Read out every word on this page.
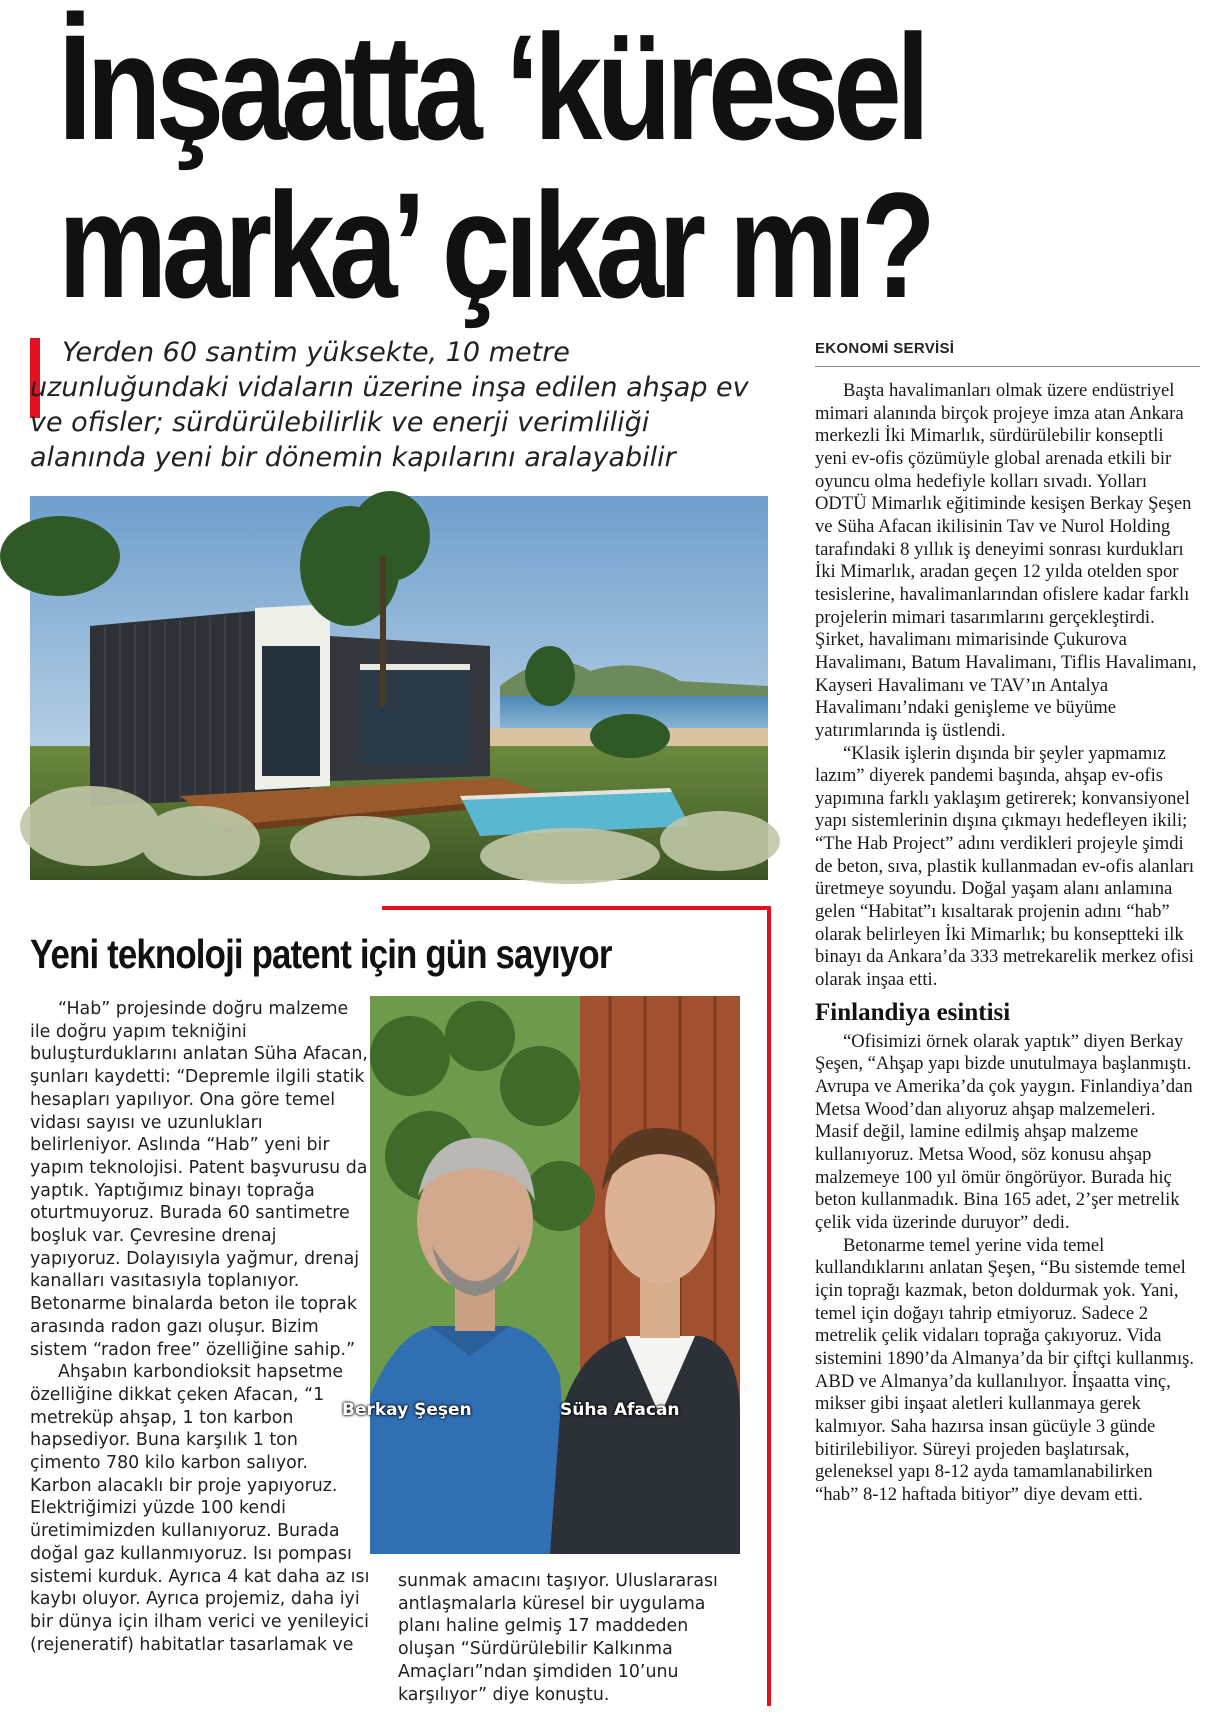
İnşaatta ‘küresel
marka’ çıkar mı?
Yerden 60 santim yüksekte, 10 metre uzunluğundaki vidaların üzerine inşa edilen ahşap ev ve ofisler; sürdürülebilirlik ve enerji verimliliği alanında yeni bir dönemin kapılarını aralayabilir
Yeni teknoloji patent için gün sayıyor

“Hab” projesinde doğru malzeme ile doğru yapım tekniğini buluşturduklarını anlatan Süha Afacan, şunları kaydetti: “Depremle ilgili statik hesapları yapılıyor. Ona göre temel vidası sayısı ve uzunlukları belirleniyor. Aslında “Hab” yeni bir yapım teknolojisi. Patent başvurusu da yaptık. Yaptığımız binayı toprağa oturtmuyoruz. Burada 60 santimetre boşluk var. Çevresine drenaj yapıyoruz. Dolayısıyla yağmur, drenaj kanalları vasıtasıyla toplanıyor. Betonarme binalarda beton ile toprak arasında radon gazı oluşur. Bizim sistem “radon free” özelliğine sahip.”

Ahşabın karbondioksit hapsetme özelliğine dikkat çeken Afacan, “1 metreküp ahşap, 1 ton karbon hapsediyor. Buna karşılık 1 ton çimento 780 kilo karbon salıyor. Karbon alacaklı bir proje yapıyoruz. Elektriğimizi yüzde 100 kendi üretimimizden kullanıyoruz. Burada doğal gaz kullanmıyoruz. Isı pompası sistemi kurduk. Ayrıca 4 kat daha az ısı kaybı oluyor. Ayrıca projemiz, daha iyi bir dünya için ilham verici ve yenileyici (rejeneratif) habitatlar tasarlamak ve

Berkay Şeşen	Süha Afacan
sunmak amacını taşıyor. Uluslararası antlaşmalarla küresel bir uygulama planı haline gelmiş 17 maddeden oluşan “Sürdürülebilir Kalkınma Amaçları”ndan şimdiden 10’unu karşılıyor” diye konuştu.
EKONOMİ SERVİSİ

Başta havalimanları olmak üzere endüstriyel mimari alanında birçok projeye imza atan Ankara merkezli İki Mimarlık, sürdürülebilir konseptli yeni ev-ofis çözümüyle global arenada etkili bir oyuncu olma hedefiyle kolları sıvadı. Yolları ODTÜ Mimarlık eğitiminde kesişen Berkay Şeşen ve Süha Afacan ikilisinin Tav ve Nurol Holding tarafındaki 8 yıllık iş deneyimi sonrası kurdukları İki Mimarlık, aradan geçen 12 yılda otelden spor tesislerine, havalimanlarından ofislere kadar farklı projelerin mimari tasarımlarını gerçekleştirdi. Şirket, havalimanı mimarisinde Çukurova Havalimanı, Batum Havalimanı, Tiflis Havalimanı, Kayseri Havalimanı ve TAV’ın Antalya Havalimanı’ndaki genişleme ve büyüme yatırımlarında iş üstlendi.

“Klasik işlerin dışında bir şeyler yapmamız lazım” diyerek pandemi başında, ahşap ev-ofis yapımına farklı yaklaşım getirerek; konvansiyonel yapı sistemlerinin dışına çıkmayı hedefleyen ikili; “The Hab Project” adını verdikleri projeyle şimdi de beton, sıva, plastik kullanmadan ev-ofis alanları üretmeye soyundu. Doğal yaşam alanı anlamına gelen “Habitat”ı kısaltarak projenin adını “hab” olarak belirleyen İki Mimarlık; bu konseptteki ilk binayı da Ankara’da 333 metrekarelik merkez ofisi olarak inşaa etti.

Finlandiya esintisi

“Ofisimizi örnek olarak yaptık” diyen Berkay Şeşen, “Ahşap yapı bizde unutulmaya başlanmıştı. Avrupa ve Amerika’da çok yaygın. Finlandiya’dan Metsa Wood’dan alıyoruz ahşap malzemeleri. Masif değil, lamine edilmiş ahşap malzeme kullanıyoruz. Metsa Wood, söz konusu ahşap malzemeye 100 yıl ömür öngörüyor. Burada hiç beton kullanmadık. Bina 165 adet, 2’şer metrelik çelik vida üzerinde duruyor” dedi.

Betonarme temel yerine vida temel kullandıklarını anlatan Şeşen, “Bu sistemde temel için toprağı kazmak, beton doldurmak yok. Yani, temel için doğayı tahrip etmiyoruz. Sadece 2 metrelik çelik vidaları toprağa çakıyoruz. Vida sistemini 1890’da Almanya’da bir çiftçi kullanmış. ABD ve Almanya’da kullanılıyor. İnşaatta vinç, mikser gibi inşaat aletleri kullanmaya gerek kalmıyor. Saha hazırsa insan gücüyle 3 günde bitirilebiliyor. Süreyi projeden başlatırsak, geleneksel yapı 8-12 ayda tamamlanabilirken “hab” 8-12 haftada bitiyor” diye devam etti.
